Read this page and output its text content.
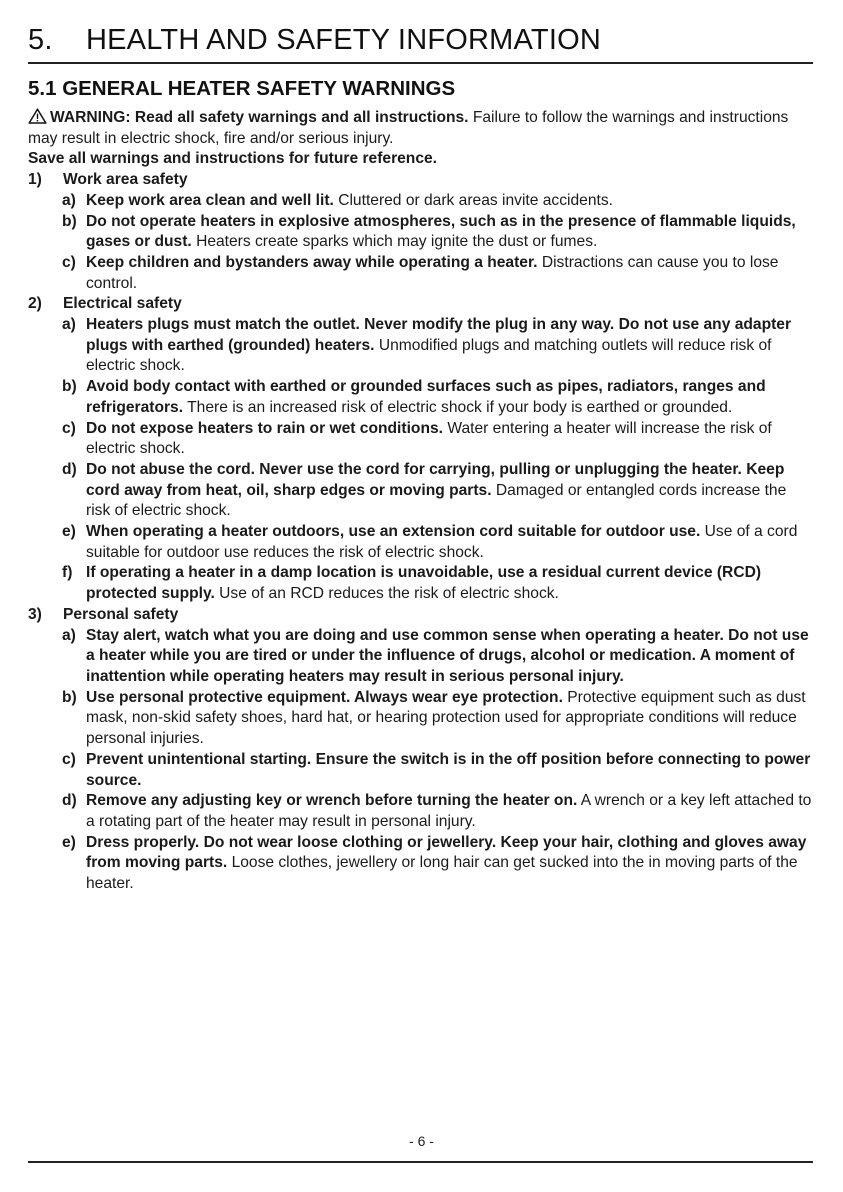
5. HEALTH AND SAFETY INFORMATION
5.1 GENERAL HEATER SAFETY WARNINGS

WARNING: Read all safety warnings and all instructions. Failure to follow the warnings and instructions may result in electric shock, fire and/or serious injury.

Save all warnings and instructions for future reference.

1)	Work area safety

a) Keep work area clean and well lit. Cluttered or dark areas invite accidents.

b) Do not operate heaters in explosive atmospheres, such as in the presence of flammable liquids, gases or dust. Heaters create sparks which may ignite the dust or fumes.

c) Keep children and bystanders away while operating a heater. Distractions can cause you to lose control.

2)	Electrical safety

a) Heaters plugs must match the outlet. Never modify the plug in any way. Do not use any adapter plugs with earthed (grounded) heaters. Unmodified plugs and matching outlets will reduce risk of electric shock.

b) Avoid body contact with earthed or grounded surfaces such as pipes, radiators, ranges and refrigerators. There is an increased risk of electric shock if your body is earthed or grounded.

c) Do not expose heaters to rain or wet conditions. Water entering a heater will increase the risk of electric shock.

d) Do not abuse the cord. Never use the cord for carrying, pulling or unplugging the heater. Keep cord away from heat, oil, sharp edges or moving parts. Damaged or entangled cords increase the risk of electric shock.

e) When operating a heater outdoors, use an extension cord suitable for outdoor use. Use of a cord suitable for outdoor use reduces the risk of electric shock.

f) If operating a heater in a damp location is unavoidable, use a residual current device (RCD) protected supply. Use of an RCD reduces the risk of electric shock.

3)	Personal safety

a) Stay alert, watch what you are doing and use common sense when operating a heater. Do not use a heater while you are tired or under the influence of drugs, alcohol or medication. A moment of inattention while operating heaters may result in serious personal injury.

b) Use personal protective equipment. Always wear eye protection. Protective equipment such as dust mask, non-skid safety shoes, hard hat, or hearing protection used for appropriate conditions will reduce personal injuries.

c) Prevent unintentional starting. Ensure the switch is in the off position before connecting to power source.

d) Remove any adjusting key or wrench before turning the heater on. A wrench or a key left attached to a rotating part of the heater may result in personal injury.

e) Dress properly. Do not wear loose clothing or jewellery. Keep your hair, clothing and gloves away from moving parts. Loose clothes, jewellery or long hair can get sucked into the in moving parts of the heater.

- 6 -
